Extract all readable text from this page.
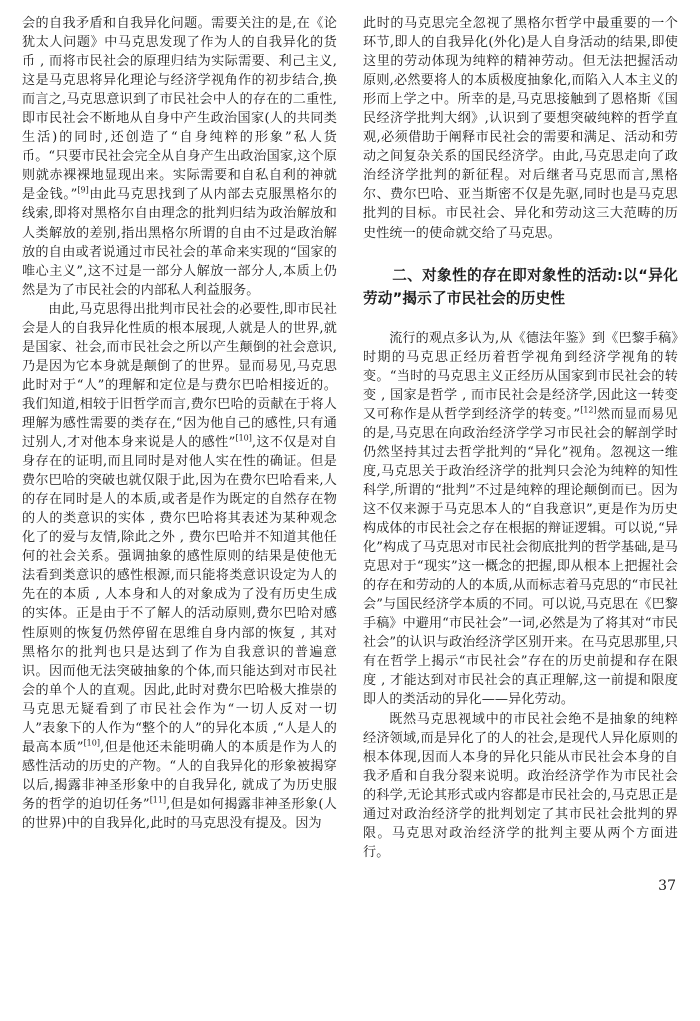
会的自我矛盾和自我异化问题。需要关注的是,在《论犹太人问题》中马克思发现了作为人的自我异化的货币 , 而将市民社会的原理归结为实际需要、利己主义,这是马克思将异化理论与经济学视角作的初步结合,换而言之,马克思意识到了市民社会中人的存在的二重性,即市民社会不断地从自身中产生政治国家(人的共同类生活)的同时,还创造了“自身纯粹的形象”私人货币。“只要市民社会完全从自身产生出政治国家,这个原则就赤裸裸地显现出来。实际需要和自私自利的神就是金钱。”[9]由此马克思找到了从内部去克服黑格尔的线索,即将对黑格尔自由理念的批判归结为政治解放和人类解放的差别,指出黑格尔所谓的自由不过是政治解放的自由或者说通过市民社会的革命来实现的“国家的唯心主义”,这不过是一部分人解放一部分人,本质上仍然是为了市民社会的内部私人利益服务。

由此,马克思得出批判市民社会的必要性,即市民社会是人的自我异化性质的根本展现,人就是人的世界,就是国家、社会,而市民社会之所以产生颠倒的社会意识,乃是因为它本身就是颠倒了的世界。显而易见,马克思此时对于“人”的理解和定位是与费尔巴哈相接近的。我们知道,相较于旧哲学而言,费尔巴哈的贡献在于将人理解为感性需要的类存在,“因为他自己的感性,只有通过别人,才对他本身来说是人的感性”[10],这不仅是对自身存在的证明,而且同时是对他人实在性的确证。但是费尔巴哈的突破也就仅限于此,因为在费尔巴哈看来,人的存在同时是人的本质,或者是作为既定的自然存在物的人的类意识的实体 , 费尔巴哈将其表述为某种观念化了的爱与友情,除此之外 , 费尔巴哈并不知道其他任何的社会关系。强调抽象的感性原则的结果是使他无法看到类意识的感性根源,而只能将类意识设定为人的先在的本质 , 人本身和人的对象成为了没有历史生成的实体。正是由于不了解人的活动原则,费尔巴哈对感性原则的恢复仍然停留在思维自身内部的恢复 , 其对黑格尔的批判也只是达到了作为自我意识的普遍意识。因而他无法突破抽象的个体,而只能达到对市民社会的单个人的直观。因此,此时对费尔巴哈极大推崇的马克思无疑看到了市民社会作为“一切人反对一切人”表象下的人作为“整个的人”的异化本质 ,“人是人的最高本质”[10],但是他还未能明确人的本质是作为人的感性活动的历史的产物。“人的自我异化的形象被揭穿以后,揭露非神圣形象中的自我异化, 就成了为历史服务的哲学的迫切任务”[11],但是如何揭露非神圣形象(人的世界)中的自我异化,此时的马克思没有提及。因为

此时的马克思完全忽视了黑格尔哲学中最重要的一个环节,即人的自我异化(外化)是人自身活动的结果,即使这里的劳动体现为纯粹的精神劳动。但无法把握活动原则,必然要将人的本质极度抽象化,而陷入人本主义的形而上学之中。所幸的是,马克思接触到了恩格斯《国民经济学批判大纲》,认识到了要想突破纯粹的哲学直观,必须借助于阐释市民社会的需要和满足、活动和劳动之间复杂关系的国民经济学。由此,马克思走向了政治经济学批判的新征程。对后继者马克思而言,黑格尔、费尔巴哈、亚当斯密不仅是先驱,同时也是马克思批判的目标。市民社会、异化和劳动这三大范畴的历史性统一的使命就交给了马克思。

二、对象性的存在即对象性的活动:以“异化劳动”揭示了市民社会的历史性

流行的观点多认为,从《德法年鉴》到《巴黎手稿》时期的马克思正经历着哲学视角到经济学视角的转变。“当时的马克思主义正经历从国家到市民社会的转变 , 国家是哲学 , 而市民社会是经济学,因此这一转变又可称作是从哲学到经济学的转变。”[12]然而显而易见的是,马克思在向政治经济学学习市民社会的解剖学时仍然坚持其过去哲学批判的“异化”视角。忽视这一维度,马克思关于政治经济学的批判只会沦为纯粹的知性科学,所谓的“批判”不过是纯粹的理论颠倒而已。因为这不仅来源于马克思本人的“自我意识”,更是作为历史构成体的市民社会之存在根据的辩证逻辑。可以说,“异化”构成了马克思对市民社会彻底批判的哲学基础,是马克思对于“现实”这一概念的把握,即从根本上把握社会的存在和劳动的人的本质,从而标志着马克思的“市民社会”与国民经济学本质的不同。可以说,马克思在《巴黎手稿》中避用“市民社会”一词,必然是为了将其对“市民社会”的认识与政治经济学区别开来。在马克思那里,只有在哲学上揭示“市民社会”存在的历史前提和存在限度 , 才能达到对市民社会的真正理解,这一前提和限度即人的类活动的异化——异化劳动。

既然马克思视域中的市民社会绝不是抽象的纯粹经济领域,而是异化了的人的社会,是现代人异化原则的根本体现,因而人本身的异化只能从市民社会本身的自我矛盾和自我分裂来说明。政治经济学作为市民社会的科学,无论其形式或内容都是市民社会的,马克思正是通过对政治经济学的批判划定了其市民社会批判的界限。马克思对政治经济学的批判主要从两个方面进行。

37
